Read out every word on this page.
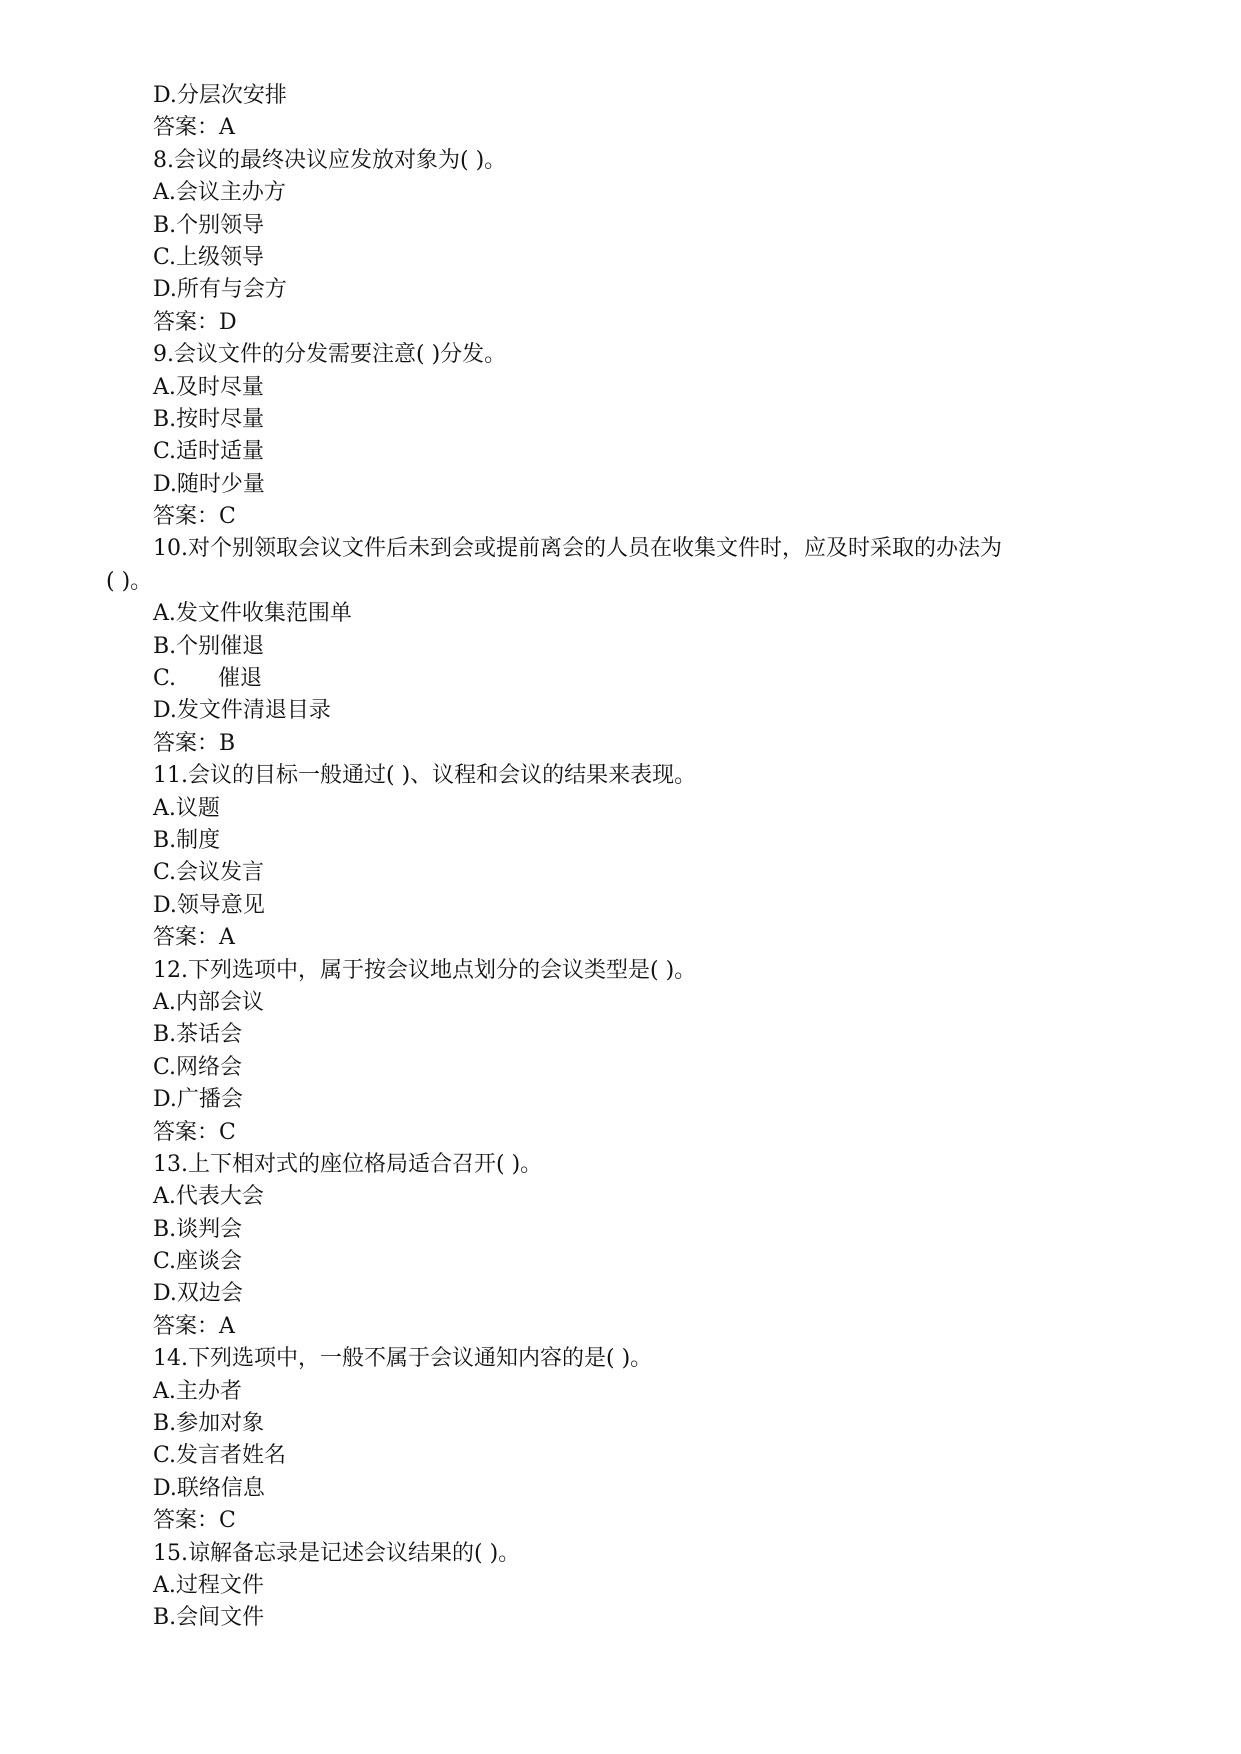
D.分层次安排
答案：A
8.会议的最终决议应发放对象为( )。
A.会议主办方
B.个别领导
C.上级领导
D.所有与会方
答案：D
9.会议文件的分发需要注意( )分发。
A.及时尽量
B.按时尽量
C.适时适量
D.随时少量
答案：C
10.对个别领取会议文件后未到会或提前离会的人员在收集文件时，应及时采取的办法为
( )。
A.发文件收集范围单
B.个别催退
C.      催退
D.发文件清退目录
答案：B
11.会议的目标一般通过( )、议程和会议的结果来表现。
A.议题
B.制度
C.会议发言
D.领导意见
答案：A
12.下列选项中，属于按会议地点划分的会议类型是( )。
A.内部会议
B.茶话会
C.网络会
D.广播会
答案：C
13.上下相对式的座位格局适合召开( )。
A.代表大会
B.谈判会
C.座谈会
D.双边会
答案：A
14.下列选项中，一般不属于会议通知内容的是( )。
A.主办者
B.参加对象
C.发言者姓名
D.联络信息
答案：C
15.谅解备忘录是记述会议结果的( )。
A.过程文件
B.会间文件
